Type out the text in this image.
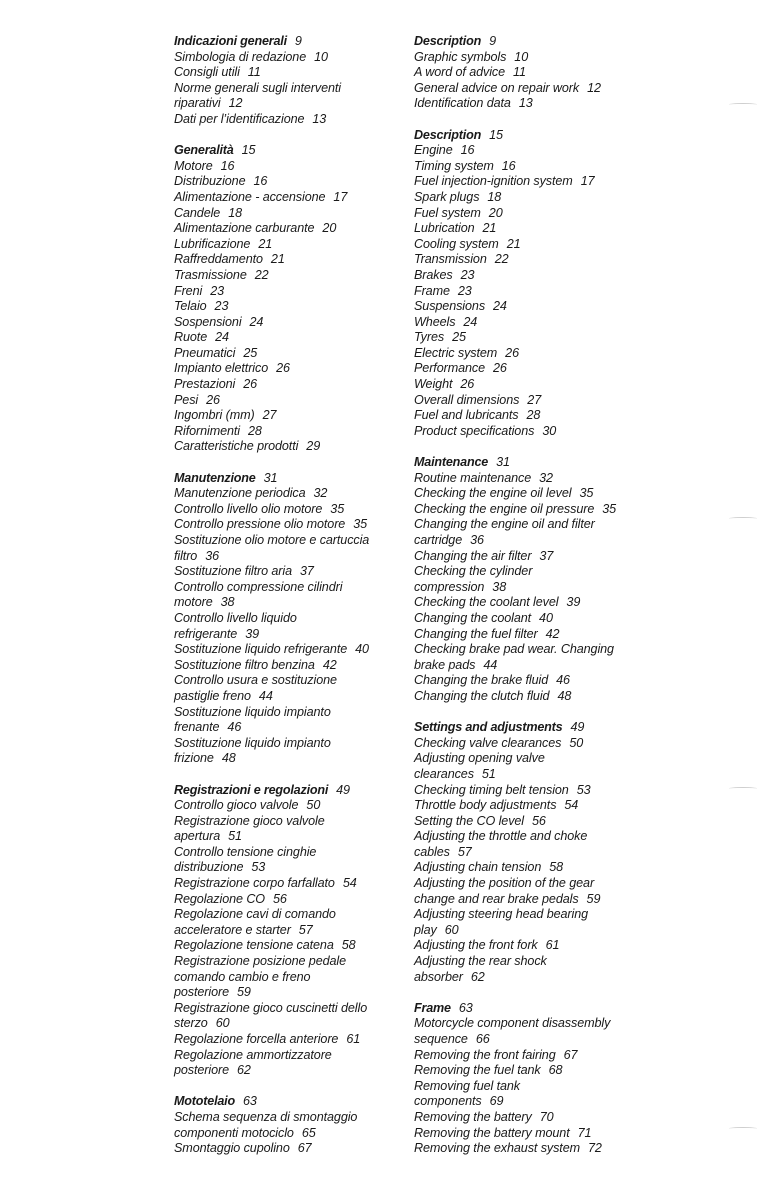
Indicazioni generali 9
Simbologia di redazione 10
Consigli utili 11
Norme generali sugli interventi
riparativi 12
Dati per l’identificazione 13
Generalità 15
Motore 16
Distribuzione 16
Alimentazione - accensione 17
Candele 18
Alimentazione carburante 20
Lubrificazione 21
Raffreddamento 21
Trasmissione 22
Freni 23
Telaio 23
Sospensioni 24
Ruote 24
Pneumatici 25
Impianto elettrico 26
Prestazioni 26
Pesi 26
Ingombri (mm) 27
Rifornimenti 28
Caratteristiche prodotti 29
Manutenzione 31
Manutenzione periodica 32
Controllo livello olio motore 35
Controllo pressione olio motore 35
Sostituzione olio motore e cartuccia
filtro 36
Sostituzione filtro aria 37
Controllo compressione cilindri
motore 38
Controllo livello liquido
refrigerante 39
Sostituzione liquido refrigerante 40
Sostituzione filtro benzina 42
Controllo usura e sostituzione
pastiglie freno 44
Sostituzione liquido impianto
frenante 46
Sostituzione liquido impianto
frizione 48
Registrazioni e regolazioni 49
Controllo gioco valvole 50
Registrazione gioco valvole
apertura 51
Controllo tensione cinghie
distribuzione 53
Registrazione corpo farfallato 54
Regolazione CO 56
Regolazione cavi di comando
acceleratore e starter 57
Regolazione tensione catena 58
Registrazione posizione pedale
comando cambio e freno
posteriore 59
Registrazione gioco cuscinetti dello
sterzo 60
Regolazione forcella anteriore 61
Regolazione ammortizzatore
posteriore 62
Mototelaio 63
Schema sequenza di smontaggio
componenti motociclo 65
Smontaggio cupolino 67
Description 9
Graphic symbols 10
A word of advice 11
General advice on repair work 12
Identification data 13
Description 15
Engine 16
Timing system 16
Fuel injection-ignition system 17
Spark plugs 18
Fuel system 20
Lubrication 21
Cooling system 21
Transmission 22
Brakes 23
Frame 23
Suspensions 24
Wheels 24
Tyres 25
Electric system 26
Performance 26
Weight 26
Overall dimensions 27
Fuel and lubricants 28
Product specifications 30
Maintenance 31
Routine maintenance 32
Checking the engine oil level 35
Checking the engine oil pressure 35
Changing the engine oil and filter
cartridge 36
Changing the air filter 37
Checking the cylinder
compression 38
Checking the coolant level 39
Changing the coolant 40
Changing the fuel filter 42
Checking brake pad wear. Changing
brake pads 44
Changing the brake fluid 46
Changing the clutch fluid 48
Settings and adjustments 49
Checking valve clearances 50
Adjusting opening valve
clearances 51
Checking timing belt tension 53
Throttle body adjustments 54
Setting the CO level 56
Adjusting the throttle and choke
cables 57
Adjusting chain tension 58
Adjusting the position of the gear
change and rear brake pedals 59
Adjusting steering head bearing
play 60
Adjusting the front fork 61
Adjusting the rear shock
absorber 62
Frame 63
Motorcycle component disassembly
sequence 66
Removing the front fairing 67
Removing the fuel tank 68
Removing fuel tank
components 69
Removing the battery 70
Removing the battery mount 71
Removing the exhaust system 72
